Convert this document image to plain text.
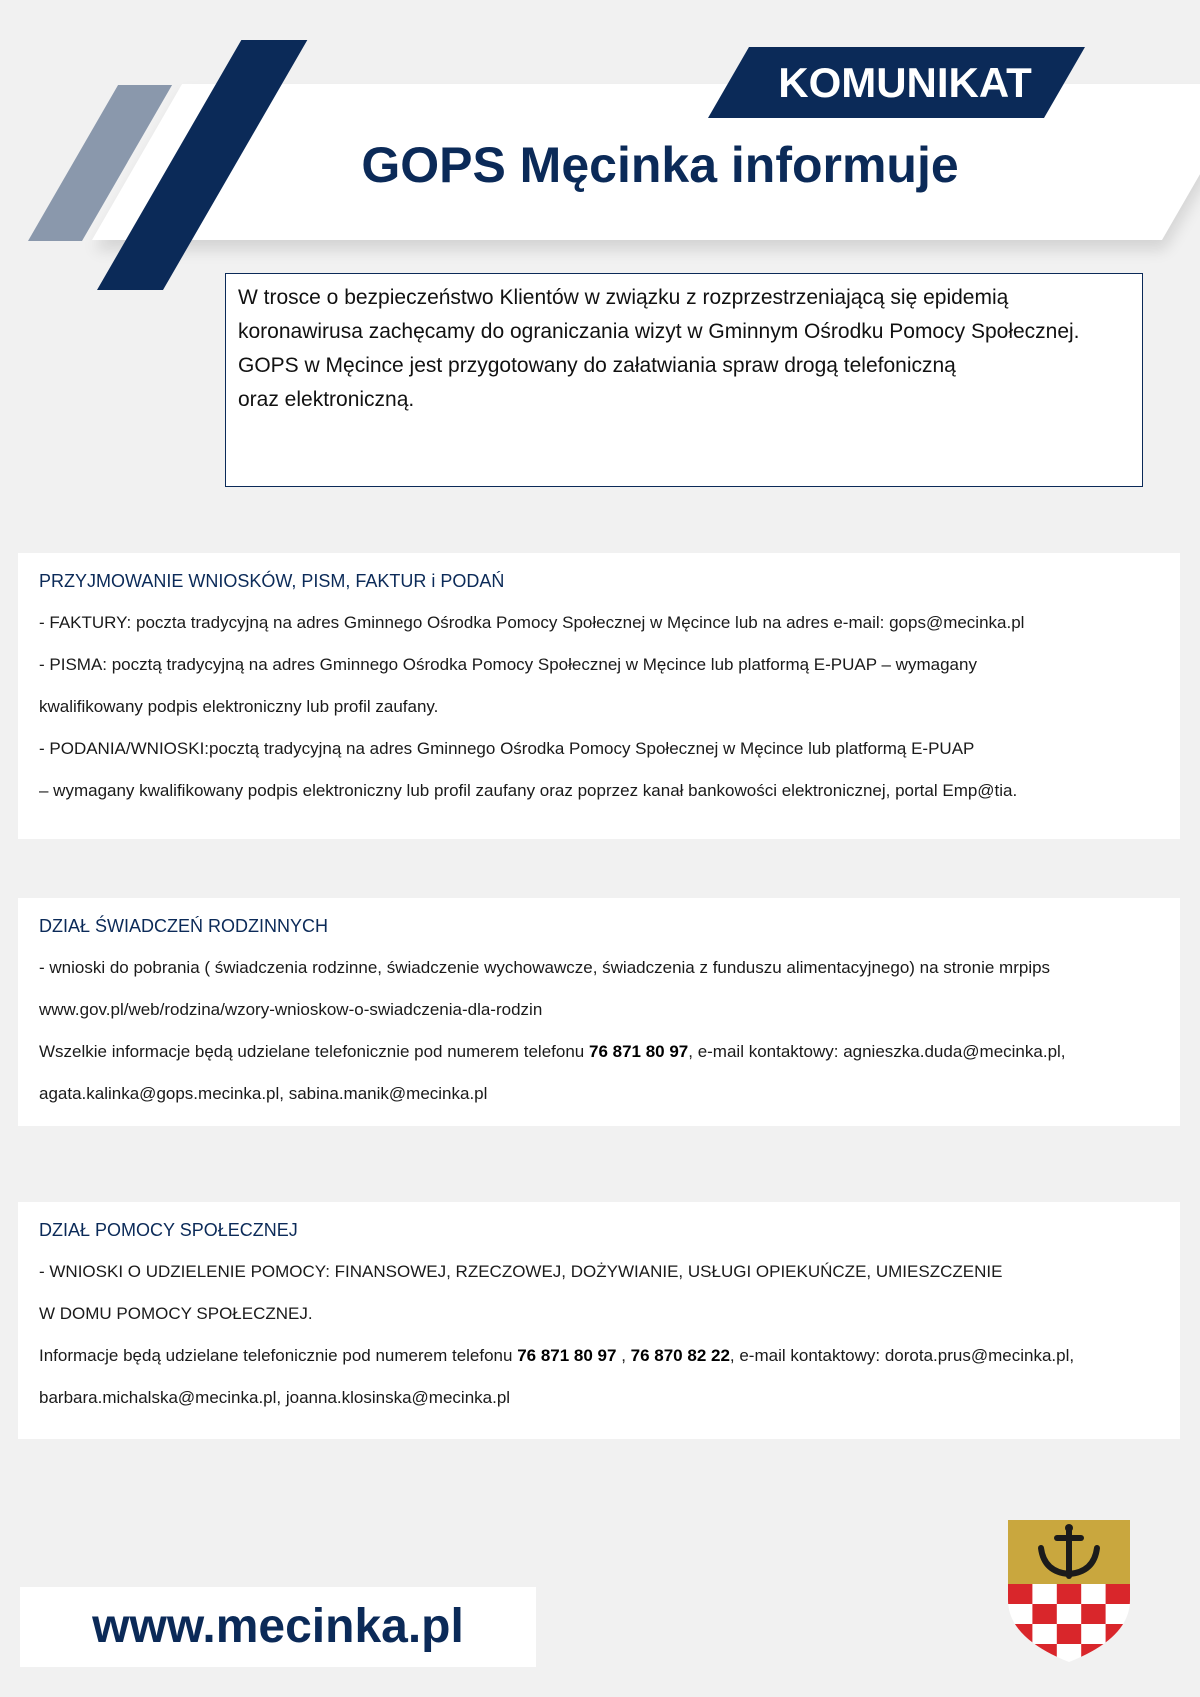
KOMUNIKAT
GOPS Męcinka informuje

W trosce o bezpieczeństwo Klientów w związku z rozprzestrzeniającą się epidemią

koronawirusa zachęcamy do ograniczania wizyt w Gminnym Ośrodku Pomocy Społecznej.

GOPS w Męcince jest przygotowany do załatwiania spraw drogą telefoniczną

oraz elektroniczną.

PRZYJMOWANIE WNIOSKÓW, PISM, FAKTUR i PODAŃ

- FAKTURY: poczta tradycyjną na adres Gminnego Ośrodka Pomocy Społecznej w Męcince lub na adres e-mail: gops@mecinka.pl

- PISMA: pocztą tradycyjną na adres Gminnego Ośrodka Pomocy Społecznej w Męcince lub platformą E-PUAP – wymagany

kwalifikowany podpis elektroniczny lub profil zaufany.

- PODANIA/WNIOSKI:pocztą tradycyjną na adres Gminnego Ośrodka Pomocy Społecznej w Męcince lub platformą E-PUAP

– wymagany kwalifikowany podpis elektroniczny lub profil zaufany oraz poprzez kanał bankowości elektronicznej, portal Emp@tia.

DZIAŁ ŚWIADCZEŃ RODZINNYCH

- wnioski do pobrania ( świadczenia rodzinne, świadczenie wychowawcze, świadczenia z funduszu alimentacyjnego) na stronie mrpips

www.gov.pl/web/rodzina/wzory-wnioskow-o-swiadczenia-dla-rodzin

Wszelkie informacje będą udzielane telefonicznie pod numerem telefonu 76 871 80 97, e-mail kontaktowy: agnieszka.duda@mecinka.pl,

agata.kalinka@gops.mecinka.pl, sabina.manik@mecinka.pl

DZIAŁ POMOCY SPOŁECZNEJ

- WNIOSKI O UDZIELENIE POMOCY: FINANSOWEJ, RZECZOWEJ, DOŻYWIANIE, USŁUGI OPIEKUŃCZE, UMIESZCZENIE

W DOMU POMOCY SPOŁECZNEJ.

Informacje będą udzielane telefonicznie pod numerem telefonu 76 871 80 97 , 76 870 82 22, e-mail kontaktowy: dorota.prus@mecinka.pl,

barbara.michalska@mecinka.pl, joanna.klosinska@mecinka.pl

www.mecinka.pl
